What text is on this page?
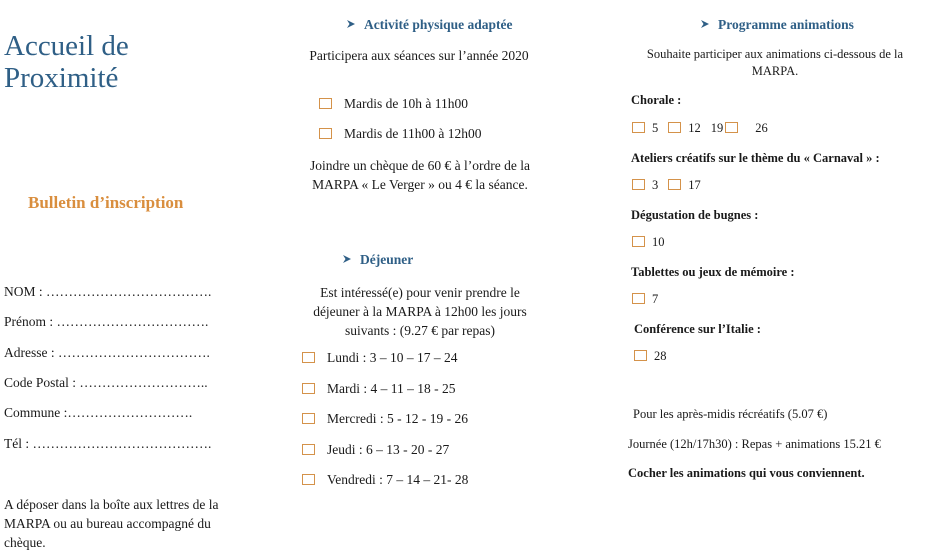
Accueil de
Proximité
Bulletin d’inscription
NOM : ……………………………….
Prénom : …………………………….
Adresse : …………………………….
Code Postal : ………………………..
Commune :……………………….
Tél : ………………………………….
A déposer dans la boîte aux lettres de la MARPA ou au bureau accompagné du chèque.
Activité physique adaptée
Participera aux séances sur l’année 2020
Mardis de 10h à 11h00
Mardis de 11h00 à 12h00
Joindre un chèque de 60 € à l’ordre de la MARPA « Le Verger » ou 4 € la séance.
Déjeuner
Est intéressé(e) pour venir prendre le déjeuner à la MARPA à 12h00 les jours suivants : (9.27 € par repas)
Lundi : 3 – 10 – 17 – 24
Mardi : 4 – 11 – 18 - 25
Mercredi : 5 - 12 - 19 - 26
Jeudi : 6 – 13 - 20 - 27
Vendredi : 7 – 14 – 21- 28
Programme animations
Souhaite participer aux animations ci-dessous de la MARPA.
Chorale :
5 12 19	26
Ateliers créatifs sur le thème du « Carnaval » :
3 17
Dégustation de bugnes :
10
Tablettes ou jeux de mémoire :
7
Conférence sur l’Italie :
28
Pour les après-midis récréatifs (5.07 €)
Journée (12h/17h30) : Repas + animations 15.21 €
Cocher les animations qui vous conviennent.
